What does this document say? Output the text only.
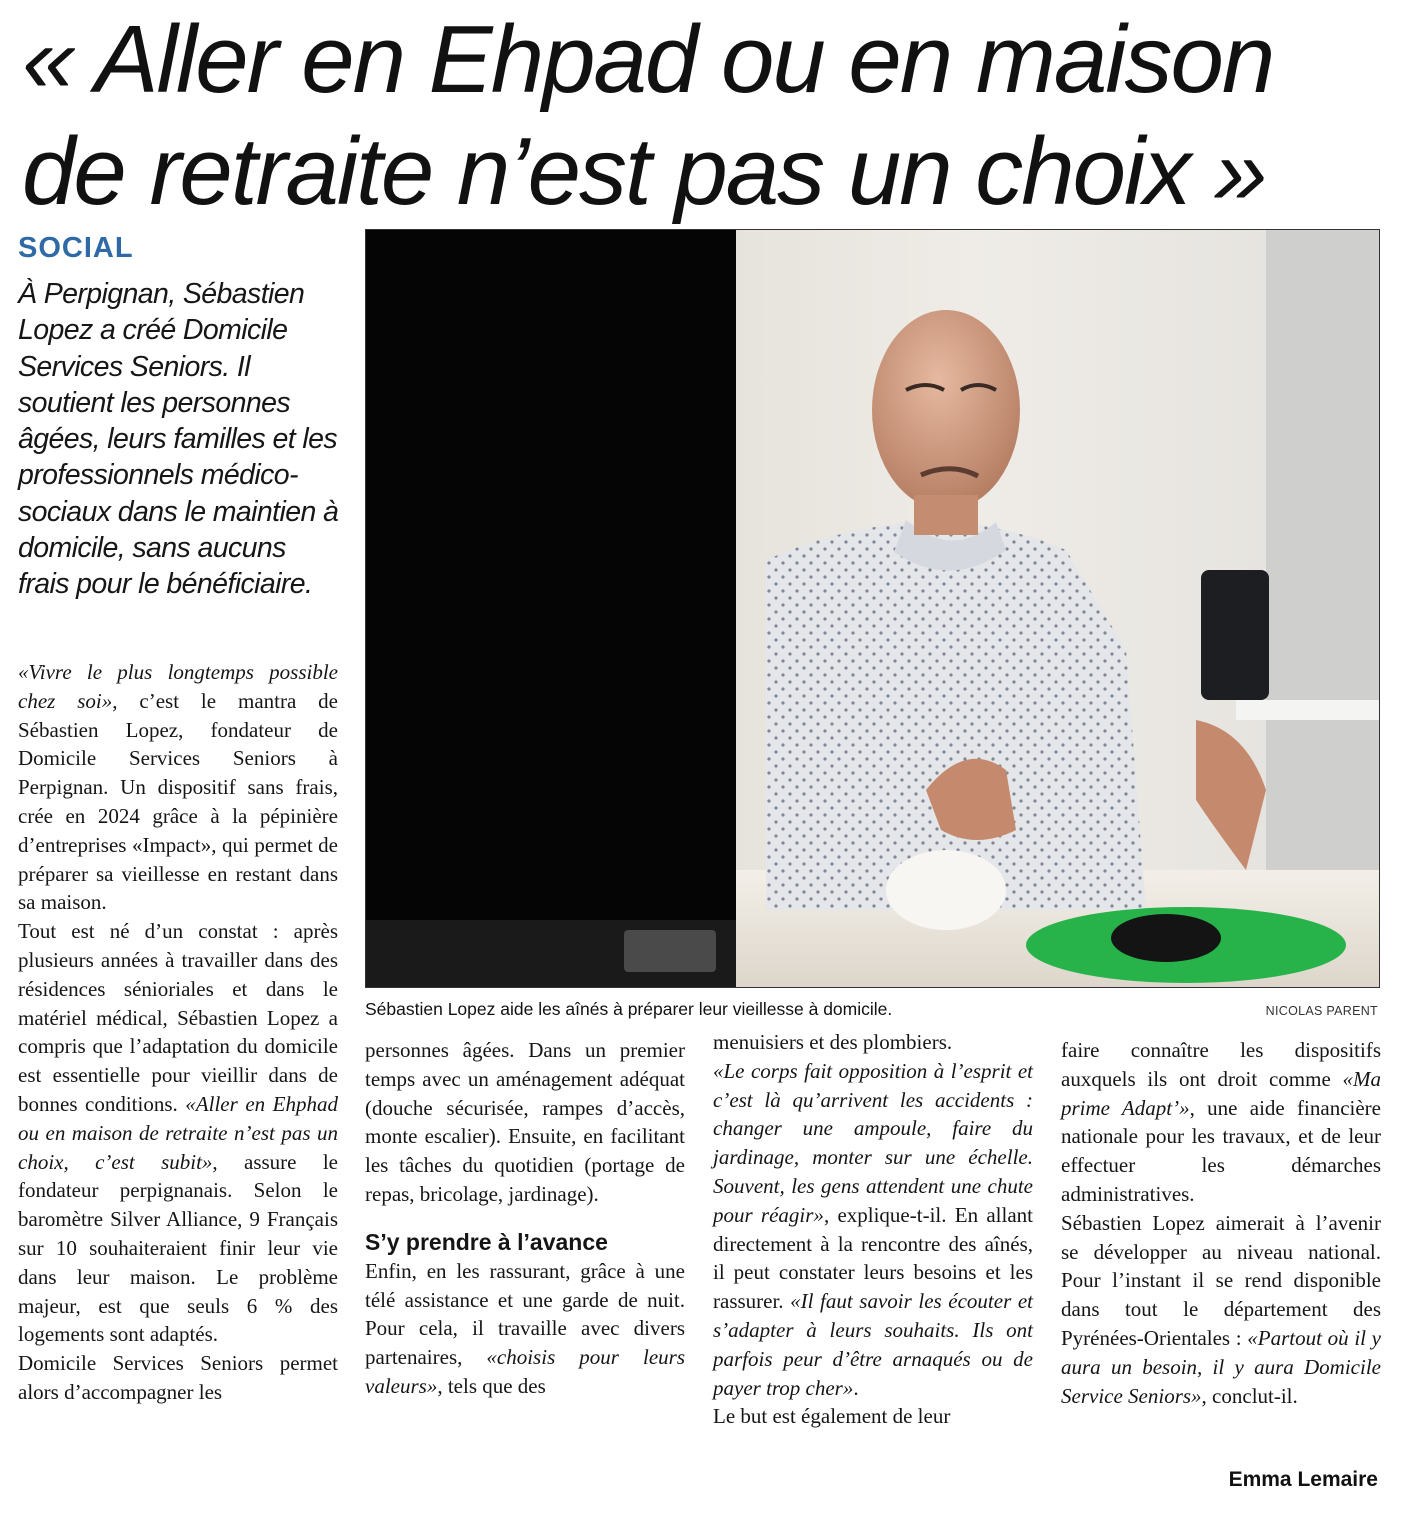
« Aller en Ehpad ou en maison
de retraite n’est pas un choix »
SOCIAL

À Perpignan, Sébastien Lopez a créé Domicile Services Seniors. Il soutient les personnes âgées, leurs familles et les professionnels médico-sociaux dans le maintien à domicile, sans aucuns frais pour le bénéficiaire.

Sébastien Lopez aide les aînés à préparer leur vieillesse à domicile.	NICOLAS PARENT

«Vivre le plus longtemps possible chez soi», c’est le mantra de Sébastien Lopez, fondateur de Domicile Services Seniors à Perpignan. Un dispositif sans frais, crée en 2024 grâce à la pépinière d’entreprises «Impact», qui permet de préparer sa vieillesse en restant dans sa maison.

Tout est né d’un constat : après plusieurs années à travailler dans des résidences sénioriales et dans le matériel médical, Sébastien Lopez a compris que l’adaptation du domicile est essentielle pour vieillir dans de bonnes conditions. «Aller en Ehphad ou en maison de retraite n’est pas un choix, c’est subit», assure le fondateur perpignanais. Selon le baromètre Silver Alliance, 9 Français sur 10 souhaiteraient finir leur vie dans leur maison. Le problème majeur, est que seuls 6 % des logements sont adaptés.

Domicile Services Seniors permet alors d’accompagner les

personnes âgées. Dans un premier temps avec un aménagement adéquat (douche sécurisée, rampes d’accès, monte escalier). Ensuite, en facilitant les tâches du quotidien (portage de repas, bricolage, jardinage).

S’y prendre à l’avance

Enfin, en les rassurant, grâce à une télé assistance et une garde de nuit. Pour cela, il travaille avec divers partenaires, «choisis pour leurs valeurs», tels que des

menuisiers et des plombiers.

«Le corps fait opposition à l’esprit et c’est là qu’arrivent les accidents : changer une ampoule, faire du jardinage, monter sur une échelle. Souvent, les gens attendent une chute pour réagir», explique-t-il. En allant directement à la rencontre des aînés, il peut constater leurs besoins et les rassurer. «Il faut savoir les écouter et s’adapter à leurs souhaits. Ils ont parfois peur d’être arnaqués ou de payer trop cher».

Le but est également de leur

faire connaître les dispositifs auxquels ils ont droit comme «Ma prime Adapt’», une aide financière nationale pour les travaux, et de leur effectuer les démarches administratives.

Sébastien Lopez aimerait à l’avenir se développer au niveau national. Pour l’instant il se rend disponible dans tout le département des Pyrénées-Orientales : «Partout où il y aura un besoin, il y aura Domicile Service Seniors», conclut-il.

Emma Lemaire
